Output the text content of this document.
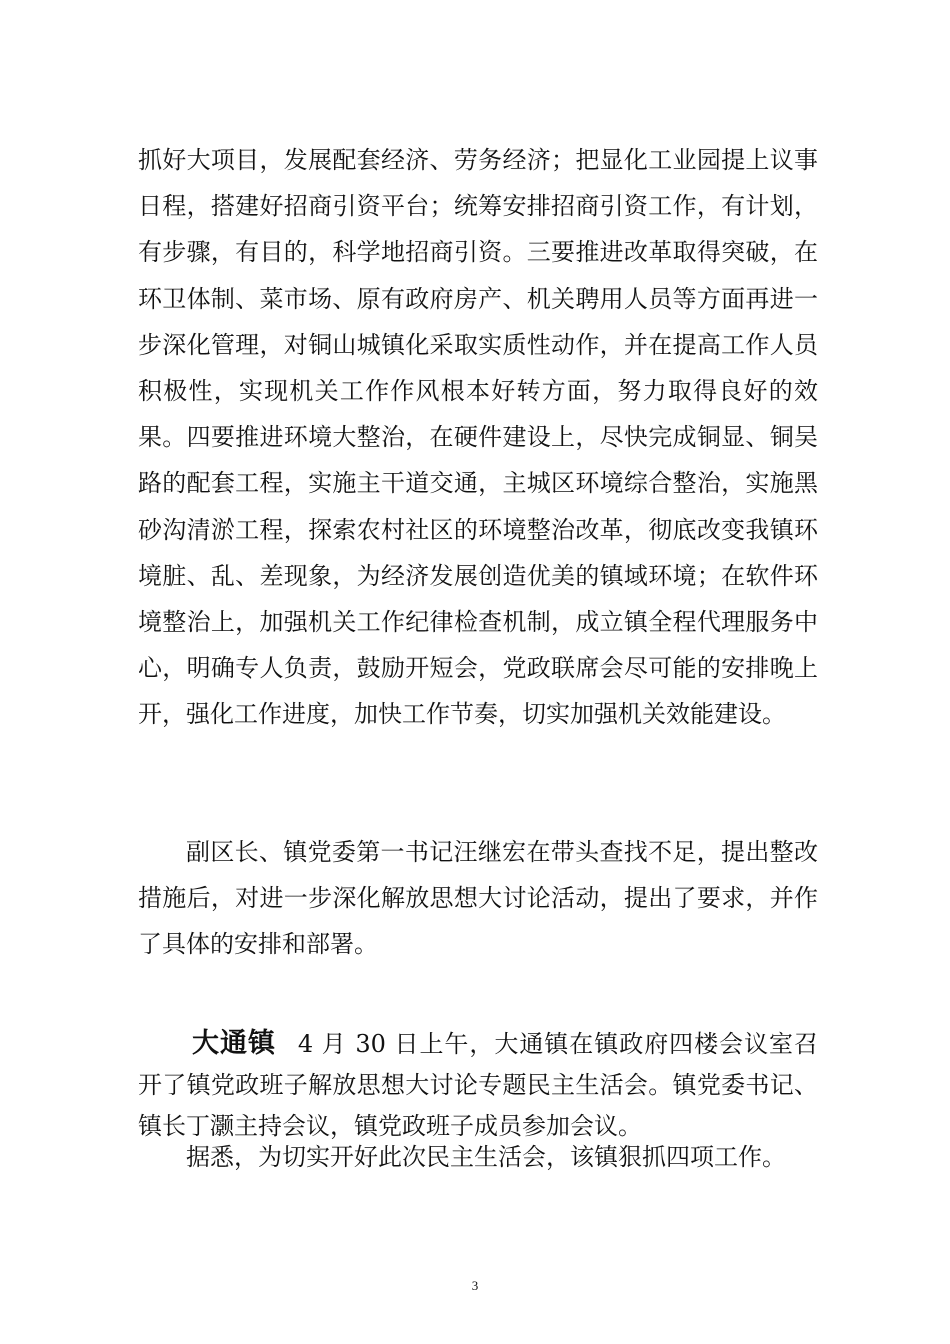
抓好大项目，发展配套经济、劳务经济；把显化工业园提上议事日程，搭建好招商引资平台；统筹安排招商引资工作，有计划，有步骤，有目的，科学地招商引资。三要推进改革取得突破，在环卫体制、菜市场、原有政府房产、机关聘用人员等方面再进一步深化管理，对铜山城镇化采取实质性动作，并在提高工作人员积极性，实现机关工作作风根本好转方面，努力取得良好的效果。四要推进环境大整治，在硬件建设上，尽快完成铜显、铜吴路的配套工程，实施主干道交通，主城区环境综合整治，实施黑砂沟清淤工程，探索农村社区的环境整治改革，彻底改变我镇环境脏、乱、差现象，为经济发展创造优美的镇域环境；在软件环境整治上，加强机关工作纪律检查机制，成立镇全程代理服务中心，明确专人负责，鼓励开短会，党政联席会尽可能的安排晚上开，强化工作进度，加快工作节奏，切实加强机关效能建设。

副区长、镇党委第一书记汪继宏在带头查找不足，提出整改措施后，对进一步深化解放思想大讨论活动，提出了要求，并作了具体的安排和部署。

大通镇 4 月 30 日上午，大通镇在镇政府四楼会议室召开了镇党政班子解放思想大讨论专题民主生活会。镇党委书记、镇长丁灏主持会议，镇党政班子成员参加会议。

据悉，为切实开好此次民主生活会，该镇狠抓四项工作。

3
